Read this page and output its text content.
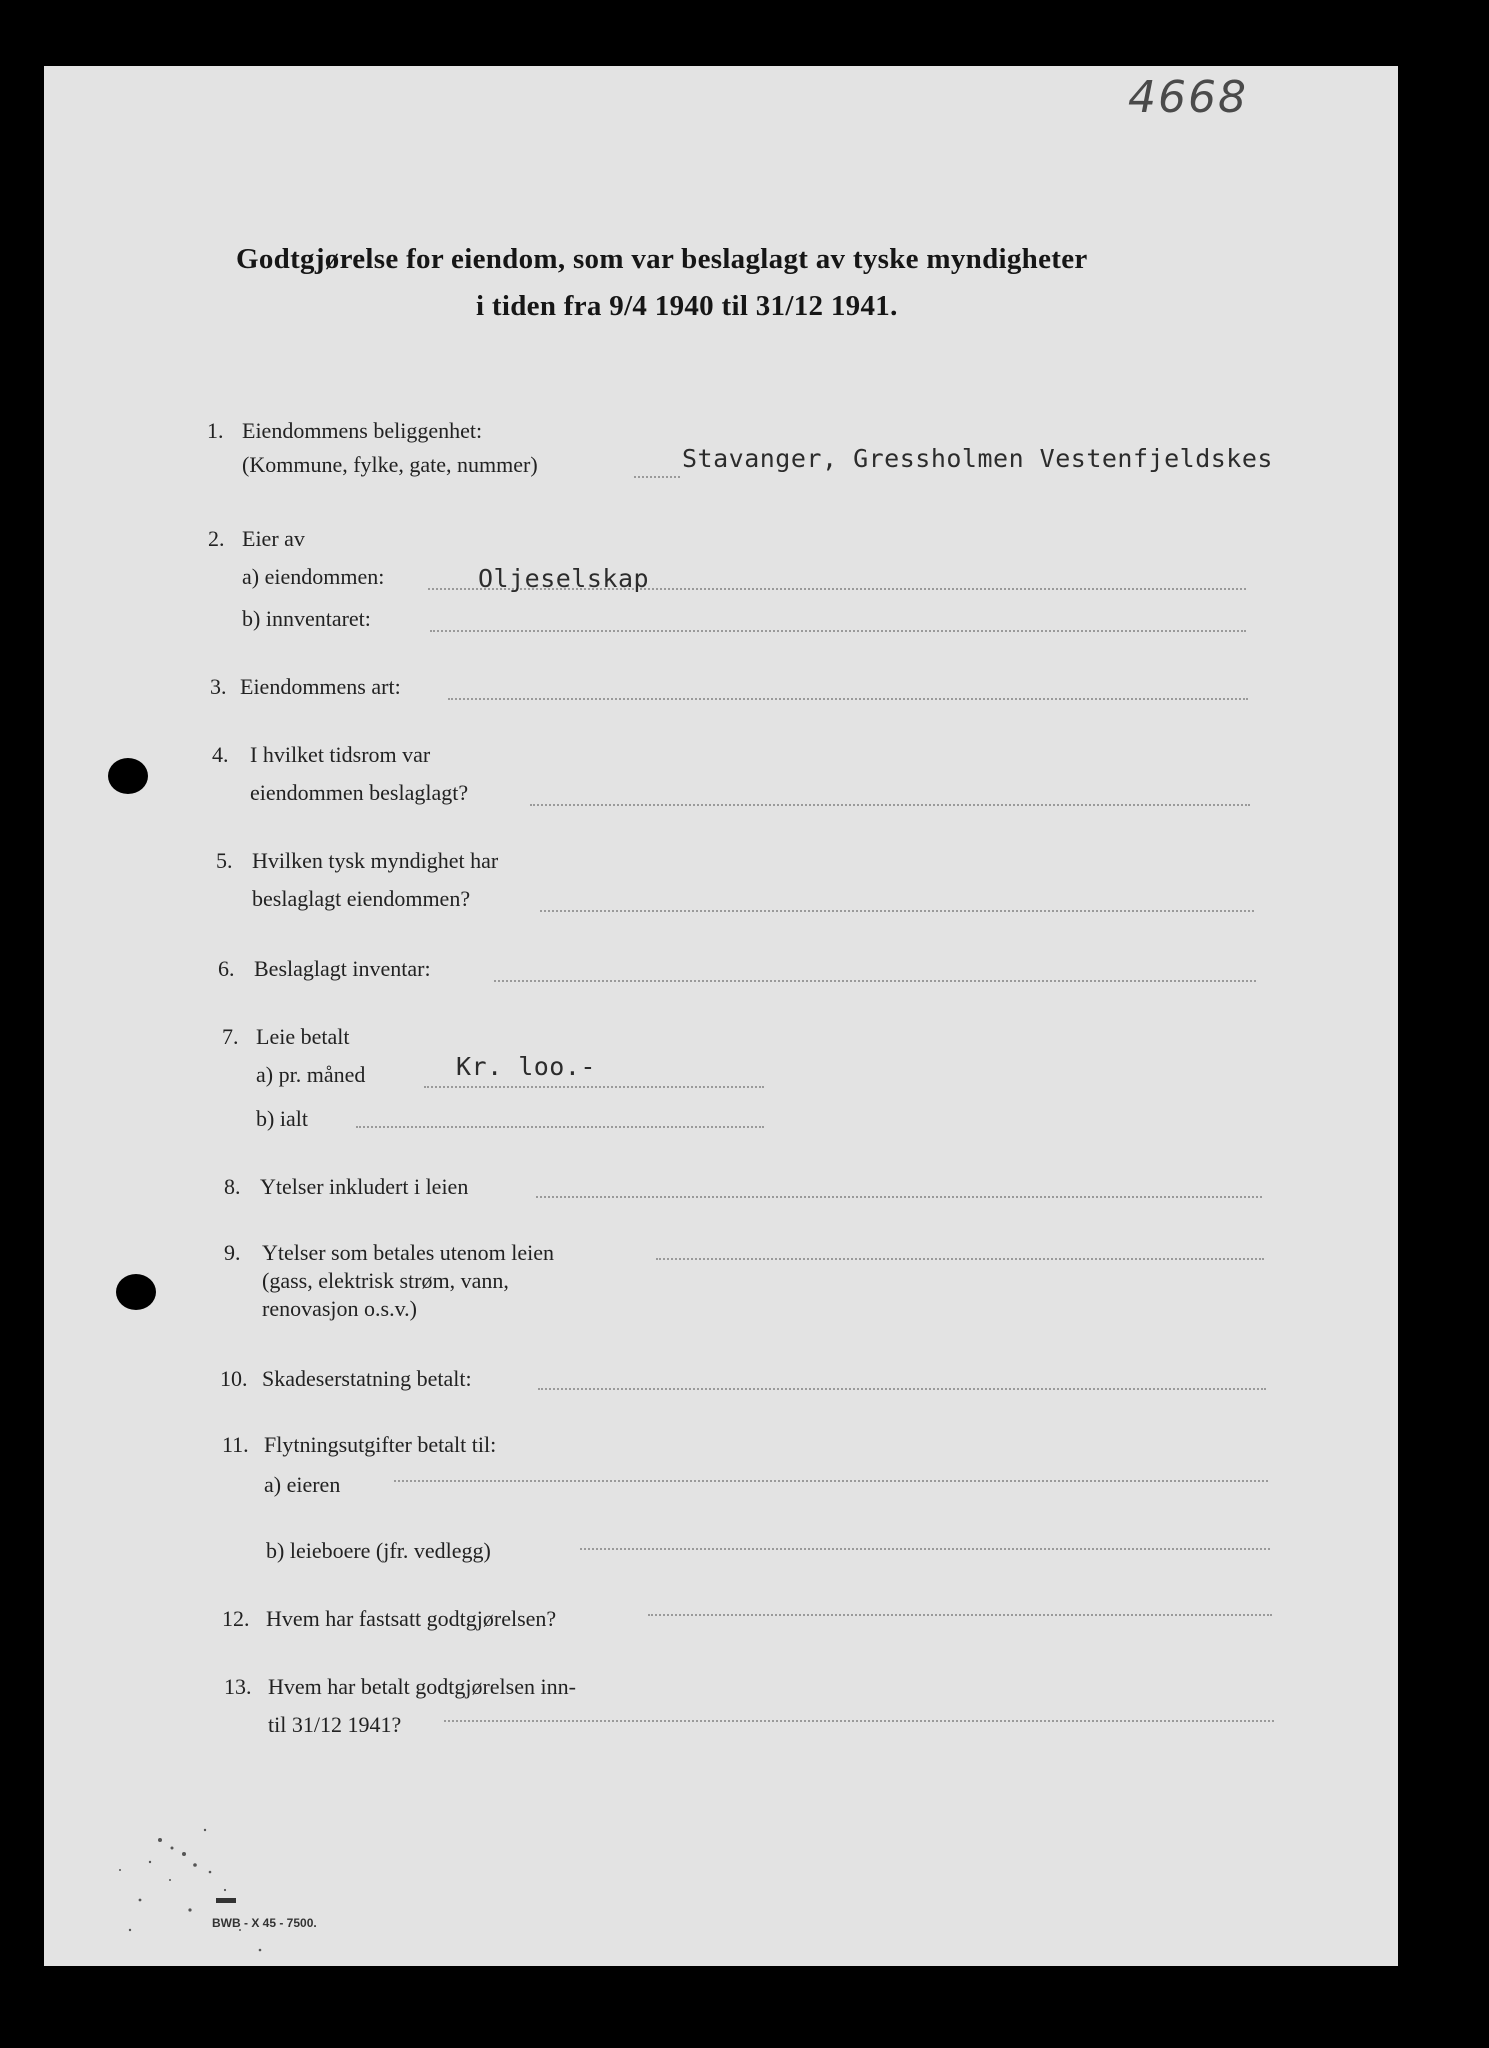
4668
Godtgjørelse for eiendom, som var beslaglagt av tyske myndigheter
i tiden fra 9/4 1940 til 31/12 1941.
1. Eiendommens beliggenhet:
(Kommune, fylke, gate, nummer)	Stavanger, Gressholmen Vestenfjeldskes
2. Eier av
a) eiendommen:	Oljeselskap
b) innventaret:
3. Eiendommens art:
4. I hvilket tidsrom var
eiendommen beslaglagt?
5. Hvilken tysk myndighet har
beslaglagt eiendommen?
6. Beslaglagt inventar:
7. Leie betalt
a) pr. måned	Kr. loo.-
b) ialt
8. Ytelser inkludert i leien
9. Ytelser som betales utenom leien
(gass, elektrisk strøm, vann,
renovasjon o.s.v.)
10. Skadeserstatning betalt:
11. Flytningsutgifter betalt til:
a) eieren
b) leieboere (jfr. vedlegg)
12. Hvem har fastsatt godtgjørelsen?
13. Hvem har betalt godtgjørelsen inn-
til 31/12 1941?
BWB - X 45 - 7500.
